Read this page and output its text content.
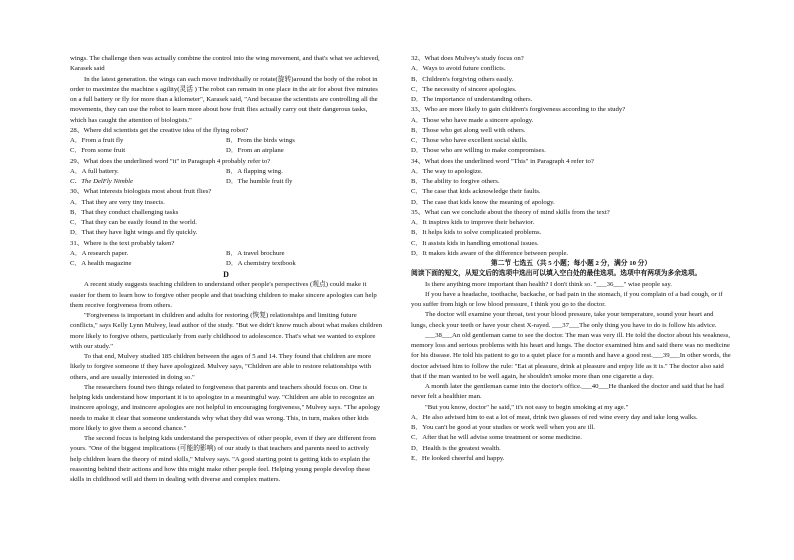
wings. The challenge then was actually combine the control into the wing movement, and that's what we achieved, Karasek said

In the latest generation. the wings can each move individually or rotate(旋转)around the body of the robot in order to maximize the machine s agility(灵活 ) The robot can remain in one place in the air for about five minutes on a full battery or fly for more than a kilometer", Karasek said, "And because the scientists are controlling all the movements, they can use the robot to learn more about how fruit flies actually carry out their dangerous tasks, which has caught the attention of biologists."

28、Where did scientists get the creative idea of the flying robot?

A．From a fruit fly	B．From the birds wings
C．From some fruit	D．From an airplane

29、What does the underlined word "it" in Paragraph 4 probably refer to?

A．A full battery.	B．A flapping wing.
C．The DelFly Nimble	D．The humble fruit fly

30、What interests biologists most about fruit flies?

A．That they are very tiny insects.

B．That they conduct challenging tasks

C．That they can be easily found in the world.

D．That they have light wings and fly quickly.

31、Where is the text probably taken?

A．A research paper.	B．A travel brochure
C．A health magazine	D．A chemistry textbook

D

A recent study suggests teaching children to understand other people's perspectives (观点) could make it easier for them to learn how to forgive other people and that teaching children to make sincere apologies can help them receive forgiveness from others.

"Forgiveness is important in children and adults for restoring (恢复) relationships and limiting future conflicts," says Kelly Lynn Mulvey, lead author of the study. "But we didn't know much about what makes children more likely to forgive others, particularly from early childhood to adolescence. That's what we wanted to explore with our study."

To that end, Mulvey studied 185 children between the ages of 5 and 14. They found that children are more likely to forgive someone if they have apologized. Mulvey says, "Children are able to restore relationships with others, and are usually interested in doing so."

The researchers found two things related to forgiveness that parents and teachers should focus on. One is helping kids understand how important it is to apologize in a meaningful way. "Children are able to recognize an insincere apology, and insincere apologies are not helpful in encouraging forgiveness," Mulvey says. "The apology needs to make it clear that someone understands why what they did was wrong. This, in turn, makes other kids more likely to give them a second chance."

The second focus is helping kids understand the perspectives of other people, even if they are different from yours. "One of the biggest implications (可能的影响) of our study is that teachers and parents need to actively help children learn the theory of mind skills," Mulvey says. "A good starting point is getting kids to explain the reasoning behind their actions and how this might make other people feel. Helping young people develop these skills in childhood will aid them in dealing with diverse and complex matters.

32、What does Mulvey's study focus on?

A．Ways to avoid future conflicts.

B．Children's forgiving others easily.

C．The necessity of sincere apologies.

D．The importance of understanding others.

33、Who are more likely to gain children's forgiveness according to the study?

A．Those who have made a sincere apology.

B．Those who get along well with others.

C．Those who have excellent social skills.

D．Those who are willing to make compromises.

34、What does the underlined word "This" in Paragraph 4 refer to?

A．The way to apologize.

B．The ability to forgive others.

C．The case that kids acknowledge their faults.

D．The case that kids know the meaning of apology.

35、What can we conclude about the theory of mind skills from the text?

A．It inspires kids to improve their behavior.

B．It helps kids to solve complicated problems.

C．It assists kids in handling emotional issues.

D．It makes kids aware of the difference between people.

第二节 七选五（共 5 小题；每小题 2 分，满分 10 分）

阅读下面的短文，从短文后的选项中选出可以填入空白处的最佳选项。选项中有两项为多余选项。

Is there anything more important than health? I don't think so. "___36___" wise people say.

If you have a headache, toothache, backache, or bad pain in the stomach, if you complain of a bad cough, or if you suffer from high or low blood pressure, I think you go to the doctor.

The doctor will examine your throat, test your blood pressure, take your temperature, sound your heart and lungs, check your teeth or have your chest X-rayed. ___37___The only thing you have to do is follow his advice.

___38___An old gentleman came to see the doctor. The man was very ill. He told the doctor about his weakness, memory loss and serious problems with his heart and lungs. The doctor examined him and said there was no medicine for his disease. He told his patient to go to a quiet place for a month and have a good rest.___39___In other words, the doctor advised him to follow the rule: "Eat at pleasure, drink at pleasure and enjoy life as it is." The doctor also said that if the man wanted to be well again, he shouldn't smoke more than one cigarette a day.

A month later the gentleman came into the doctor's office.___40___He thanked the doctor and said that he had never felt a healthier man.

"But you know, doctor" he said," it's not easy to begin smoking at my age."

A．He also advised him to eat a lot of meat, drink two glasses of red wine every day and take long walks.

B．You can't be good at your studies or work well when you are ill.

C．After that he will advise some treatment or some medicine.

D．Health is the greatest wealth.

E．He looked cheerful and happy.
